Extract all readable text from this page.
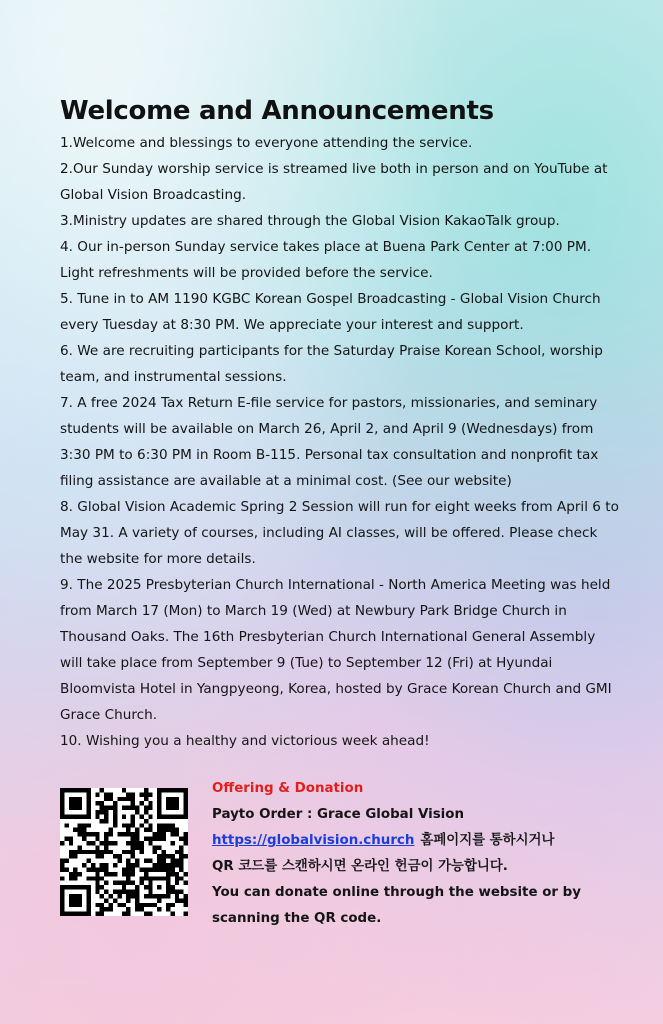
Welcome and Announcements

1.Welcome and blessings to everyone attending the service.

2.Our Sunday worship service is streamed live both in person and on YouTube at Global Vision Broadcasting.

3.Ministry updates are shared through the Global Vision KakaoTalk group.

4. Our in-person Sunday service takes place at Buena Park Center at 7:00 PM. Light refreshments will be provided before the service.

5. Tune in to AM 1190 KGBC Korean Gospel Broadcasting - Global Vision Church every Tuesday at 8:30 PM. We appreciate your interest and support.

6. We are recruiting participants for the Saturday Praise Korean School, worship team, and instrumental sessions.

7. A free 2024 Tax Return E-file service for pastors, missionaries, and seminary students will be available on March 26, April 2, and April 9 (Wednesdays) from 3:30 PM to 6:30 PM in Room B-115. Personal tax consultation and nonprofit tax filing assistance are available at a minimal cost. (See our website)

8. Global Vision Academic Spring 2 Session will run for eight weeks from April 6 to May 31. A variety of courses, including AI classes, will be offered. Please check the website for more details.

9. The 2025 Presbyterian Church International - North America Meeting was held from March 17 (Mon) to March 19 (Wed) at Newbury Park Bridge Church in Thousand Oaks. The 16th Presbyterian Church International General Assembly will take place from September 9 (Tue) to September 12 (Fri) at Hyundai Bloomvista Hotel in Yangpyeong, Korea, hosted by Grace Korean Church and GMI Grace Church.

10. Wishing you a healthy and victorious week ahead!

Offering & Donation
Payto Order : Grace Global Vision
https://globalvision.church 홈페이지를 통하시거나
QR 코드를 스캔하시면 온라인 헌금이 가능합니다.
You can donate online through the website or by scanning the QR code.
